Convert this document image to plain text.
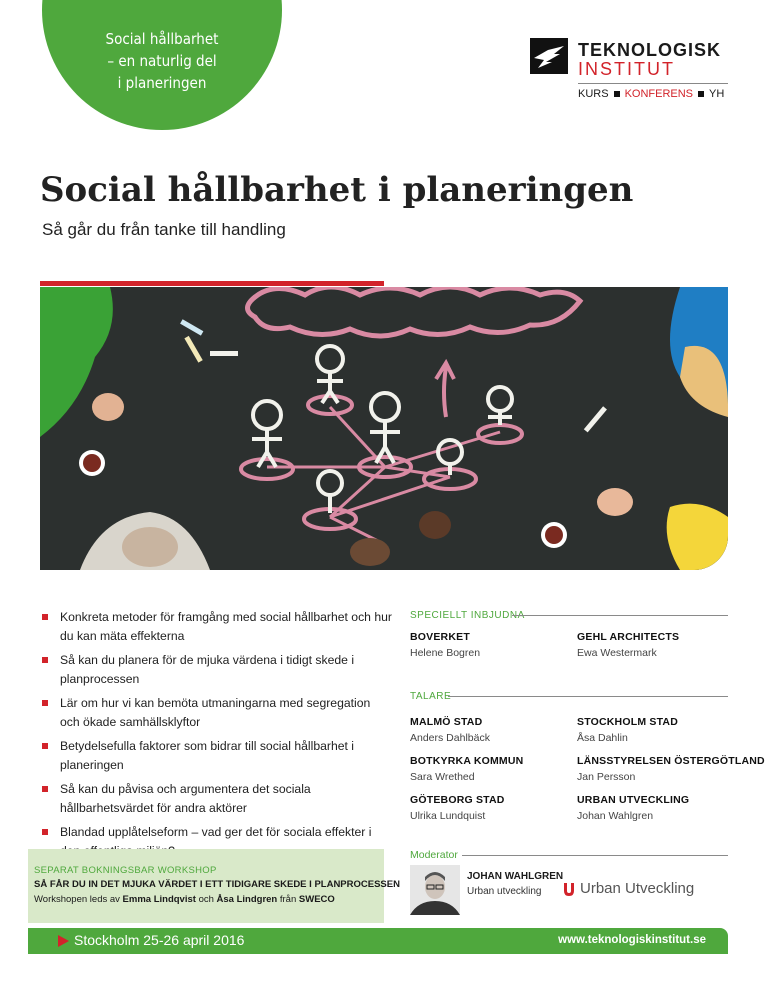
Social hållbarhet
– en naturlig del
i planeringen
TEKNOLOGISK
INSTITUT
KURS KONFERENS YH
Social hållbarhet i planeringen
Så går du från tanke till handling
Konkreta metoder för framgång med social hållbarhet och hur du kan mäta effekterna
Så kan du planera för de mjuka värdena i tidigt skede i planprocessen
Lär om hur vi kan bemöta utmaningarna med segregation och ökade samhällsklyftor
Betydelsefulla faktorer som bidrar till social hållbarhet i planeringen
Så kan du påvisa och argumentera det sociala hållbarhetsvärdet för andra aktörer
Blandad upplåtelseform – vad ger det för sociala effekter i
SPECIELLT INBJUDNA
BOVERKET
Helene Bogren
GEHL ARCHITECTS
Ewa Westermark
TALARE
MALMÖ STAD
Anders Dahlbäck
STOCKHOLM STAD
Åsa Dahlin
BOTKYRKA KOMMUN
Sara Wrethed
LÄNSSTYRELSEN ÖSTERGÖTLAND
Jan Persson
GÖTEBORG STAD
Ulrika Lundquist
URBAN UTVECKLING
Johan Wahlgren
Moderator
JOHAN WAHLGREN
Urban utveckling	Urban Utveckling
SEPARAT BOKNINGSBAR WORKSHOP
SÅ FÅR DU IN DET MJUKA VÄRDET I ETT TIDIGARE SKEDE I PLANPROCESSEN
Workshopen leds av Emma Lindqvist och Åsa Lindgren från SWECO
Stockholm 25-26 april 2016	www.teknologiskinstitut.se
